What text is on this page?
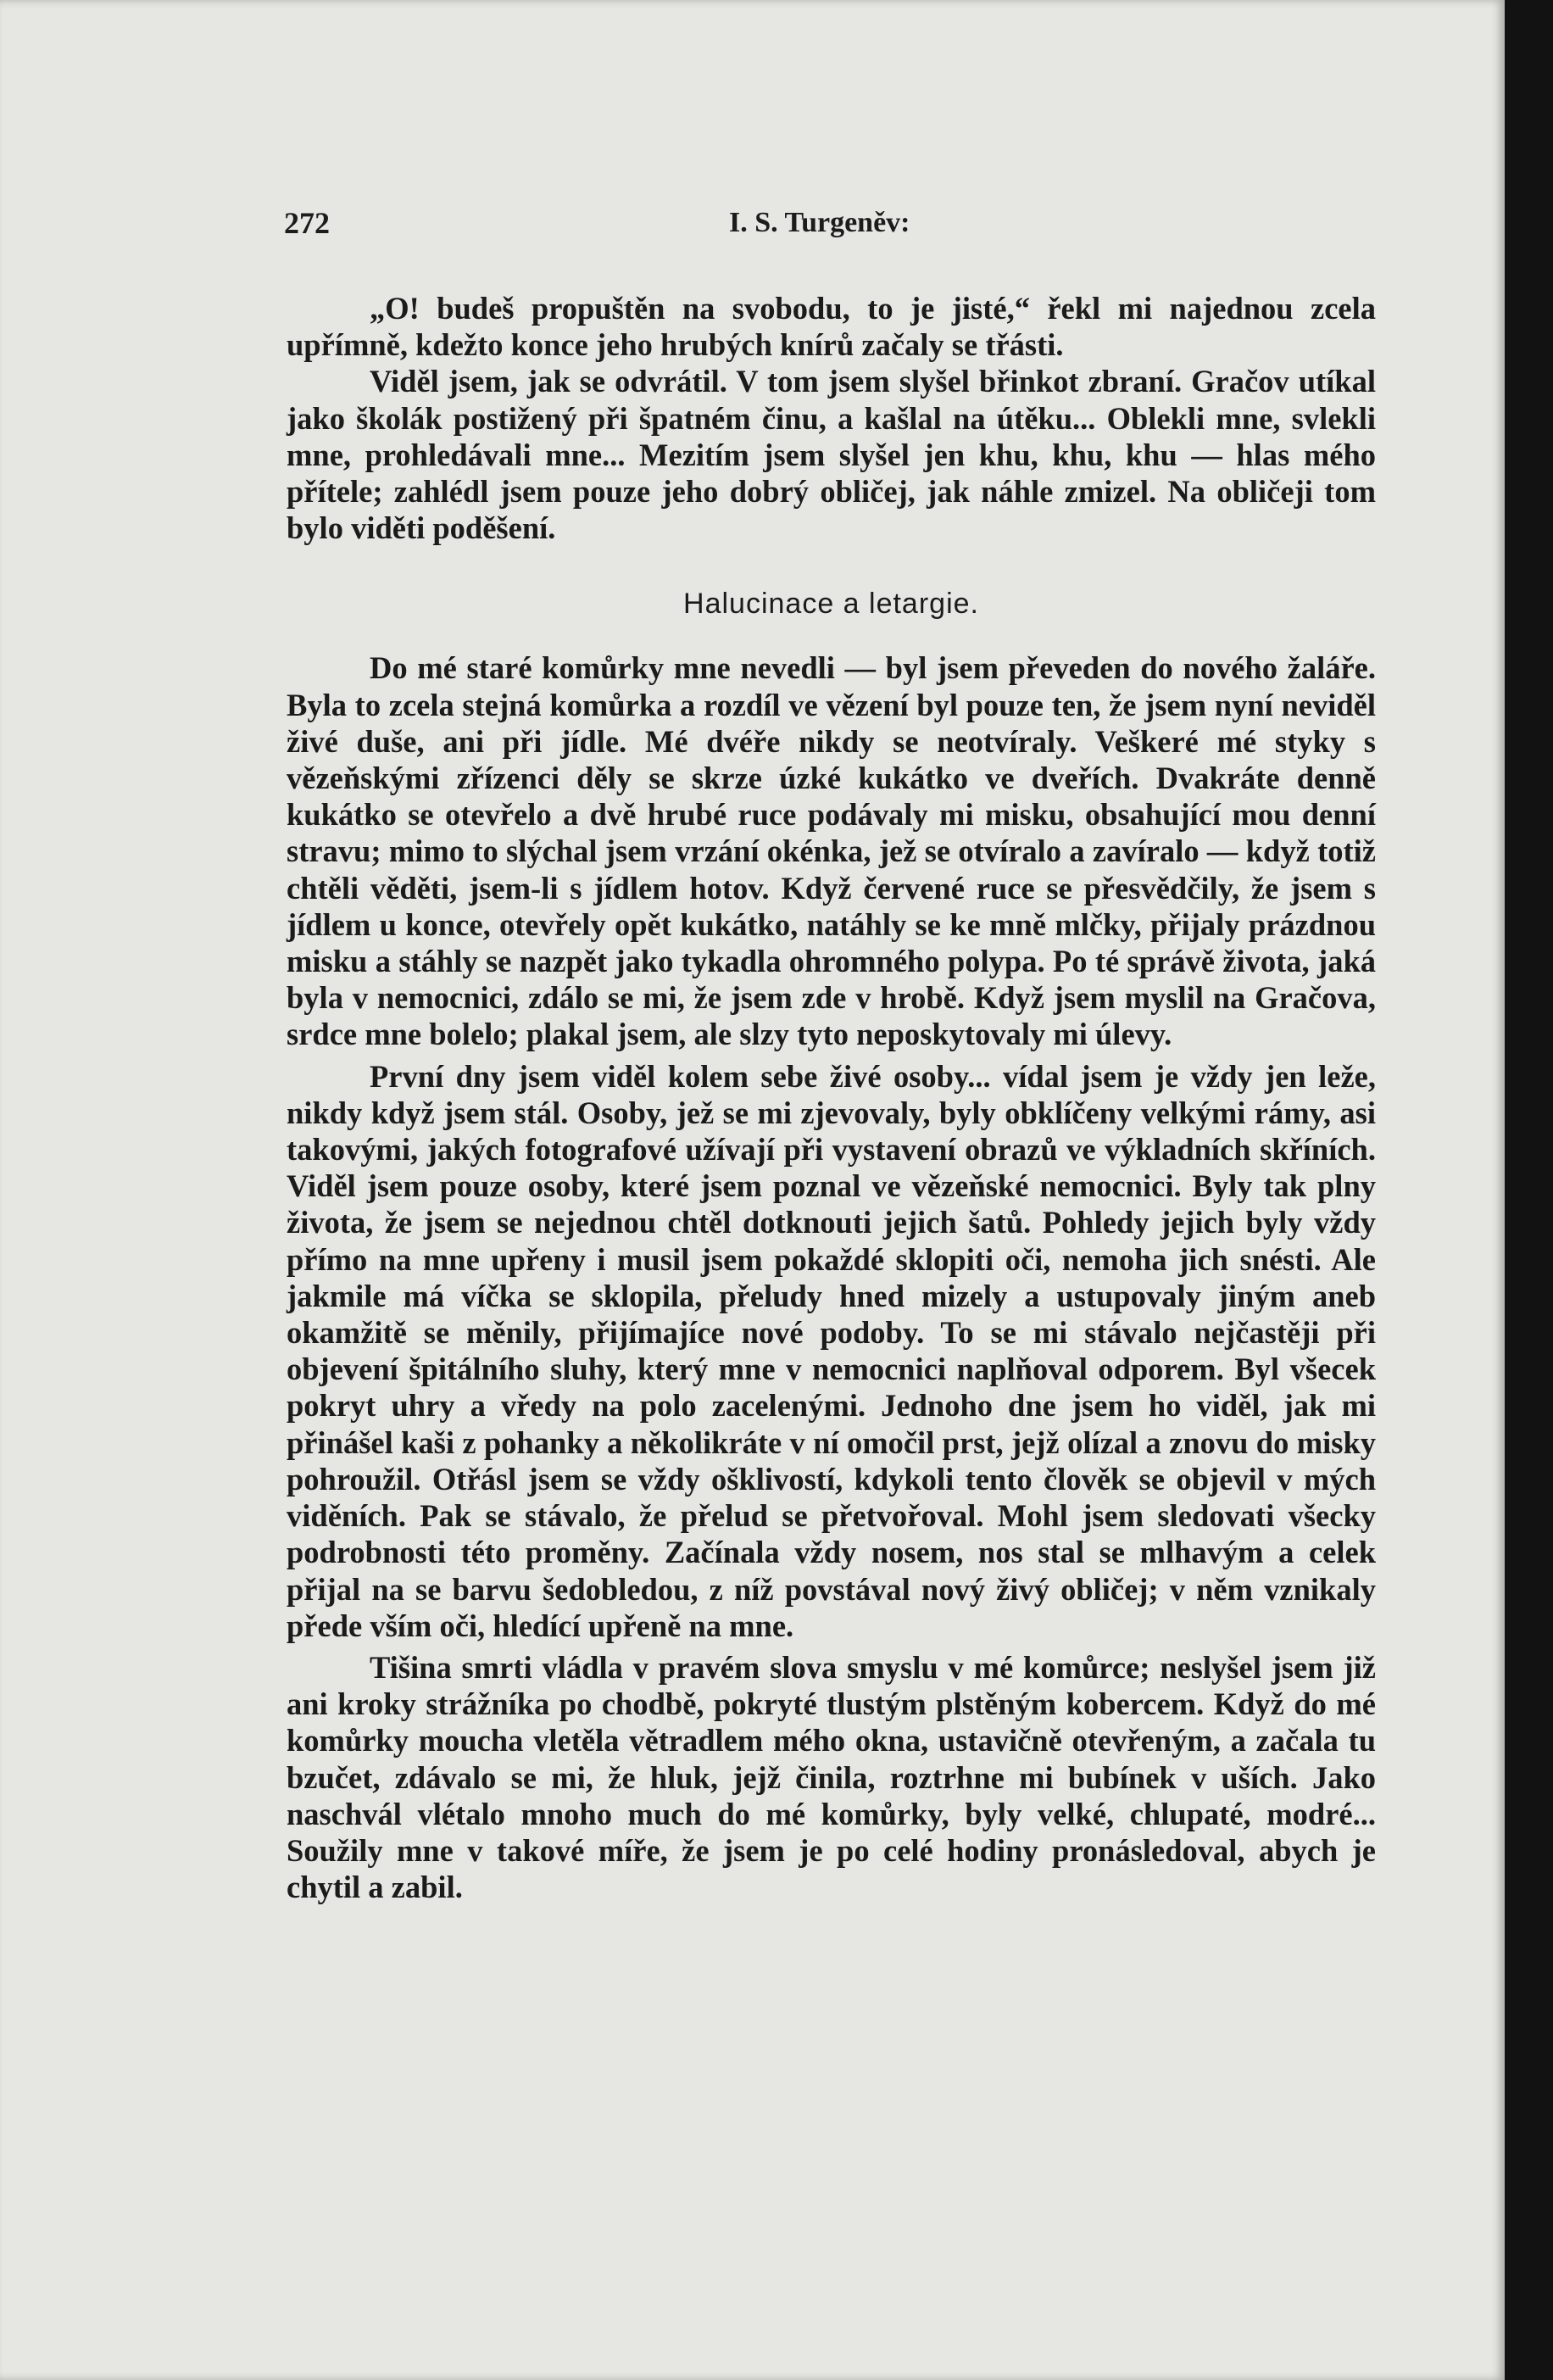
272	I. S. Turgeněv:

„O! budeš propuštěn na svobodu, to je jisté,“ řekl mi najednou zcela upřímně, kdežto konce jeho hrubých knírů začaly se třásti.

Viděl jsem, jak se odvrátil. V tom jsem slyšel břinkot zbraní. Gračov utíkal jako školák postižený při špatném činu, a kašlal na útěku... Oblekli mne, svlekli mne, prohledávali mne... Mezitím jsem slyšel jen khu, khu, khu — hlas mého přítele; zahlédl jsem pouze jeho dobrý obličej, jak náhle zmizel. Na obličeji tom bylo viděti poděšení.

Halucinace a letargie.

Do mé staré komůrky mne nevedli — byl jsem převeden do nového žaláře. Byla to zcela stejná komůrka a rozdíl ve vězení byl pouze ten, že jsem nyní neviděl živé duše, ani při jídle. Mé dvéře nikdy se neotvíraly. Veškeré mé styky s vězeňskými zřízenci děly se skrze úzké kukátko ve dveřích. Dvakráte denně kukátko se otevřelo a dvě hrubé ruce podávaly mi misku, obsahující mou denní stravu; mimo to slýchal jsem vrzání okénka, jež se otvíralo a zavíralo — když totiž chtěli věděti, jsem-li s jídlem hotov. Když červené ruce se přesvědčily, že jsem s jídlem u konce, otevřely opět kukátko, natáhly se ke mně mlčky, přijaly prázdnou misku a stáhly se nazpět jako tykadla ohromného polypa. Po té správě života, jaká byla v nemocnici, zdálo se mi, že jsem zde v hrobě. Když jsem myslil na Gračova, srdce mne bolelo; plakal jsem, ale slzy tyto neposkytovaly mi úlevy.

První dny jsem viděl kolem sebe živé osoby... vídal jsem je vždy jen leže, nikdy když jsem stál. Osoby, jež se mi zjevovaly, byly obklíčeny velkými rámy, asi takovými, jakých fotografové užívají při vystavení obrazů ve výkladních skříních. Viděl jsem pouze osoby, které jsem poznal ve vězeňské nemocnici. Byly tak plny života, že jsem se nejednou chtěl dotknouti jejich šatů. Pohledy jejich byly vždy přímo na mne upřeny i musil jsem pokaždé sklopiti oči, nemoha jich snésti. Ale jakmile má víčka se sklopila, přeludy hned mizely a ustupovaly jiným aneb okamžitě se měnily, přijímajíce nové podoby. To se mi stávalo nejčastěji při objevení špitálního sluhy, který mne v nemocnici naplňoval odporem. Byl všecek pokryt uhry a vředy na polo zacelenými. Jednoho dne jsem ho viděl, jak mi přinášel kaši z pohanky a několikráte v ní omočil prst, jejž olízal a znovu do misky pohroužil. Otřásl jsem se vždy ošklivostí, kdykoli tento člověk se objevil v mých viděních. Pak se stávalo, že přelud se přetvořoval. Mohl jsem sledovati všecky podrobnosti této proměny. Začínala vždy nosem, nos stal se mlhavým a celek přijal na se barvu šedobledou, z níž povstával nový živý obličej; v něm vznikaly přede vším oči, hledící upřeně na mne.

Tišina smrti vládla v pravém slova smyslu v mé komůrce; neslyšel jsem již ani kroky strážníka po chodbě, pokryté tlustým plstěným kobercem. Když do mé komůrky moucha vletěla větradlem mého okna, ustavičně otevřeným, a začala tu bzučet, zdávalo se mi, že hluk, jejž činila, roztrhne mi bubínek v uších. Jako naschvál vlétalo mnoho much do mé komůrky, byly velké, chlupaté, modré... Soužily mne v takové míře, že jsem je po celé hodiny pronásledoval, abych je chytil a zabil.
